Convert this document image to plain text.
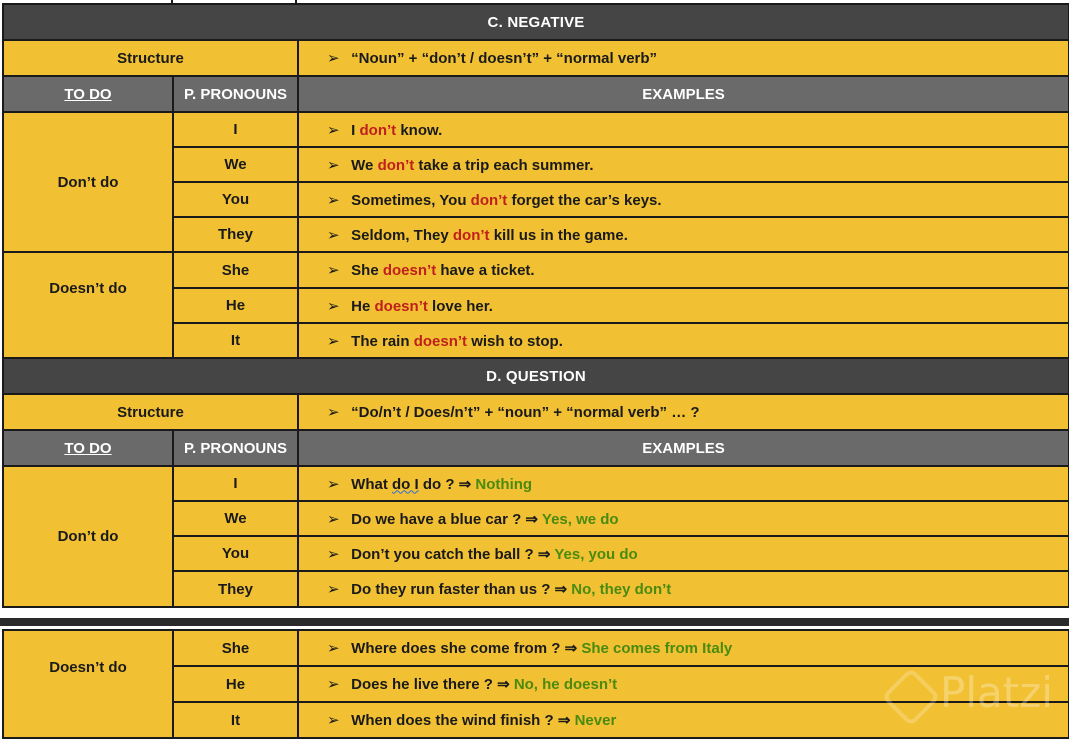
C. NEGATIVE		
Structure		➢ “Noun” + “don’t / doesn’t” + “normal verb”
TO DO	P. PRONOUNS	EXAMPLES
Don’t do	I	➢ I don’t know.
	We	➢ We don’t take a trip each summer.
	You	➢ Sometimes, You don’t forget the car’s keys.
	They	➢ Seldom, They don’t kill us in the game.
Doesn’t do	She	➢ She doesn’t have a ticket.
	He	➢ He doesn’t love her.
	It	➢ The rain doesn’t wish to stop.
D. QUESTION		
Structure		➢ “Do/n’t / Does/n’t” + “noun” + “normal verb” … ?
TO DO	P. PRONOUNS	EXAMPLES
Don’t do	I	➢ What do I do ? ⇒ Nothing
	We	➢ Do we have a blue car ? ⇒ Yes, we do
	You	➢ Don’t you catch the ball ? ⇒ Yes, you do
	They	➢ Do they run faster than us ? ⇒ No, they don’t
Doesn’t do	She	➢ Where does she come from ? ⇒ She comes from Italy
	He	➢ Does he live there ? ⇒ No, he doesn’t
	It	➢ When does the wind finish ? ⇒ Never
Platzi
